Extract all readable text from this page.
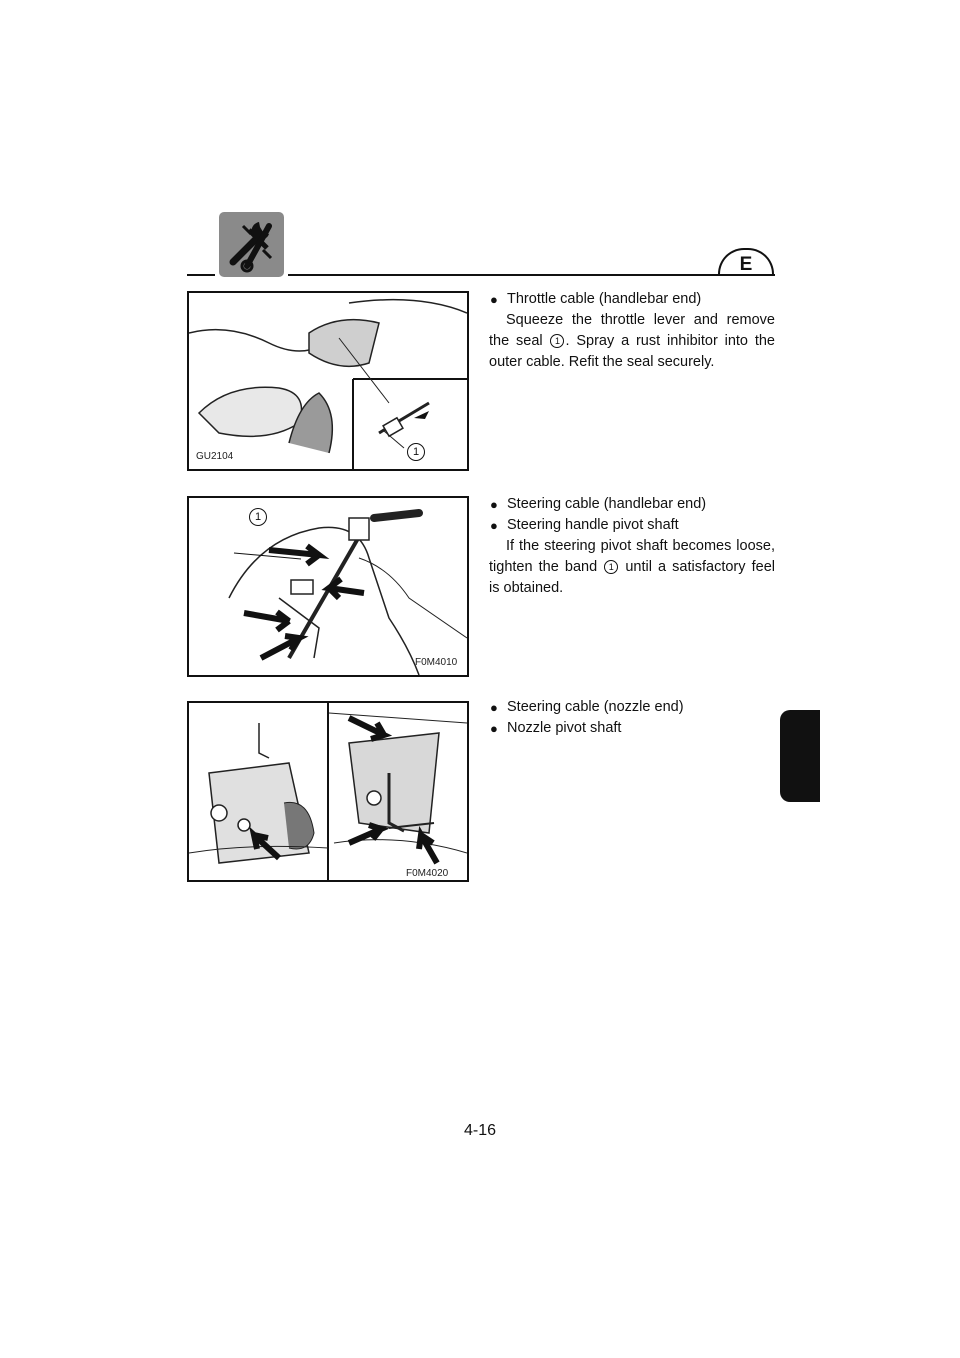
E
GU2104	1
● Throttle cable (handlebar end)
Squeeze the throttle lever and remove the seal 1 . Spray a rust inhibitor into the outer cable. Refit the seal securely.
1
F0M4010
● Steering cable (handlebar end)
● Steering handle pivot shaft
If the steering pivot shaft becomes loose, tighten the band 1 until a satisfactory feel is obtained.
F0M4020
● Steering cable (nozzle end)
● Nozzle pivot shaft
4-16
